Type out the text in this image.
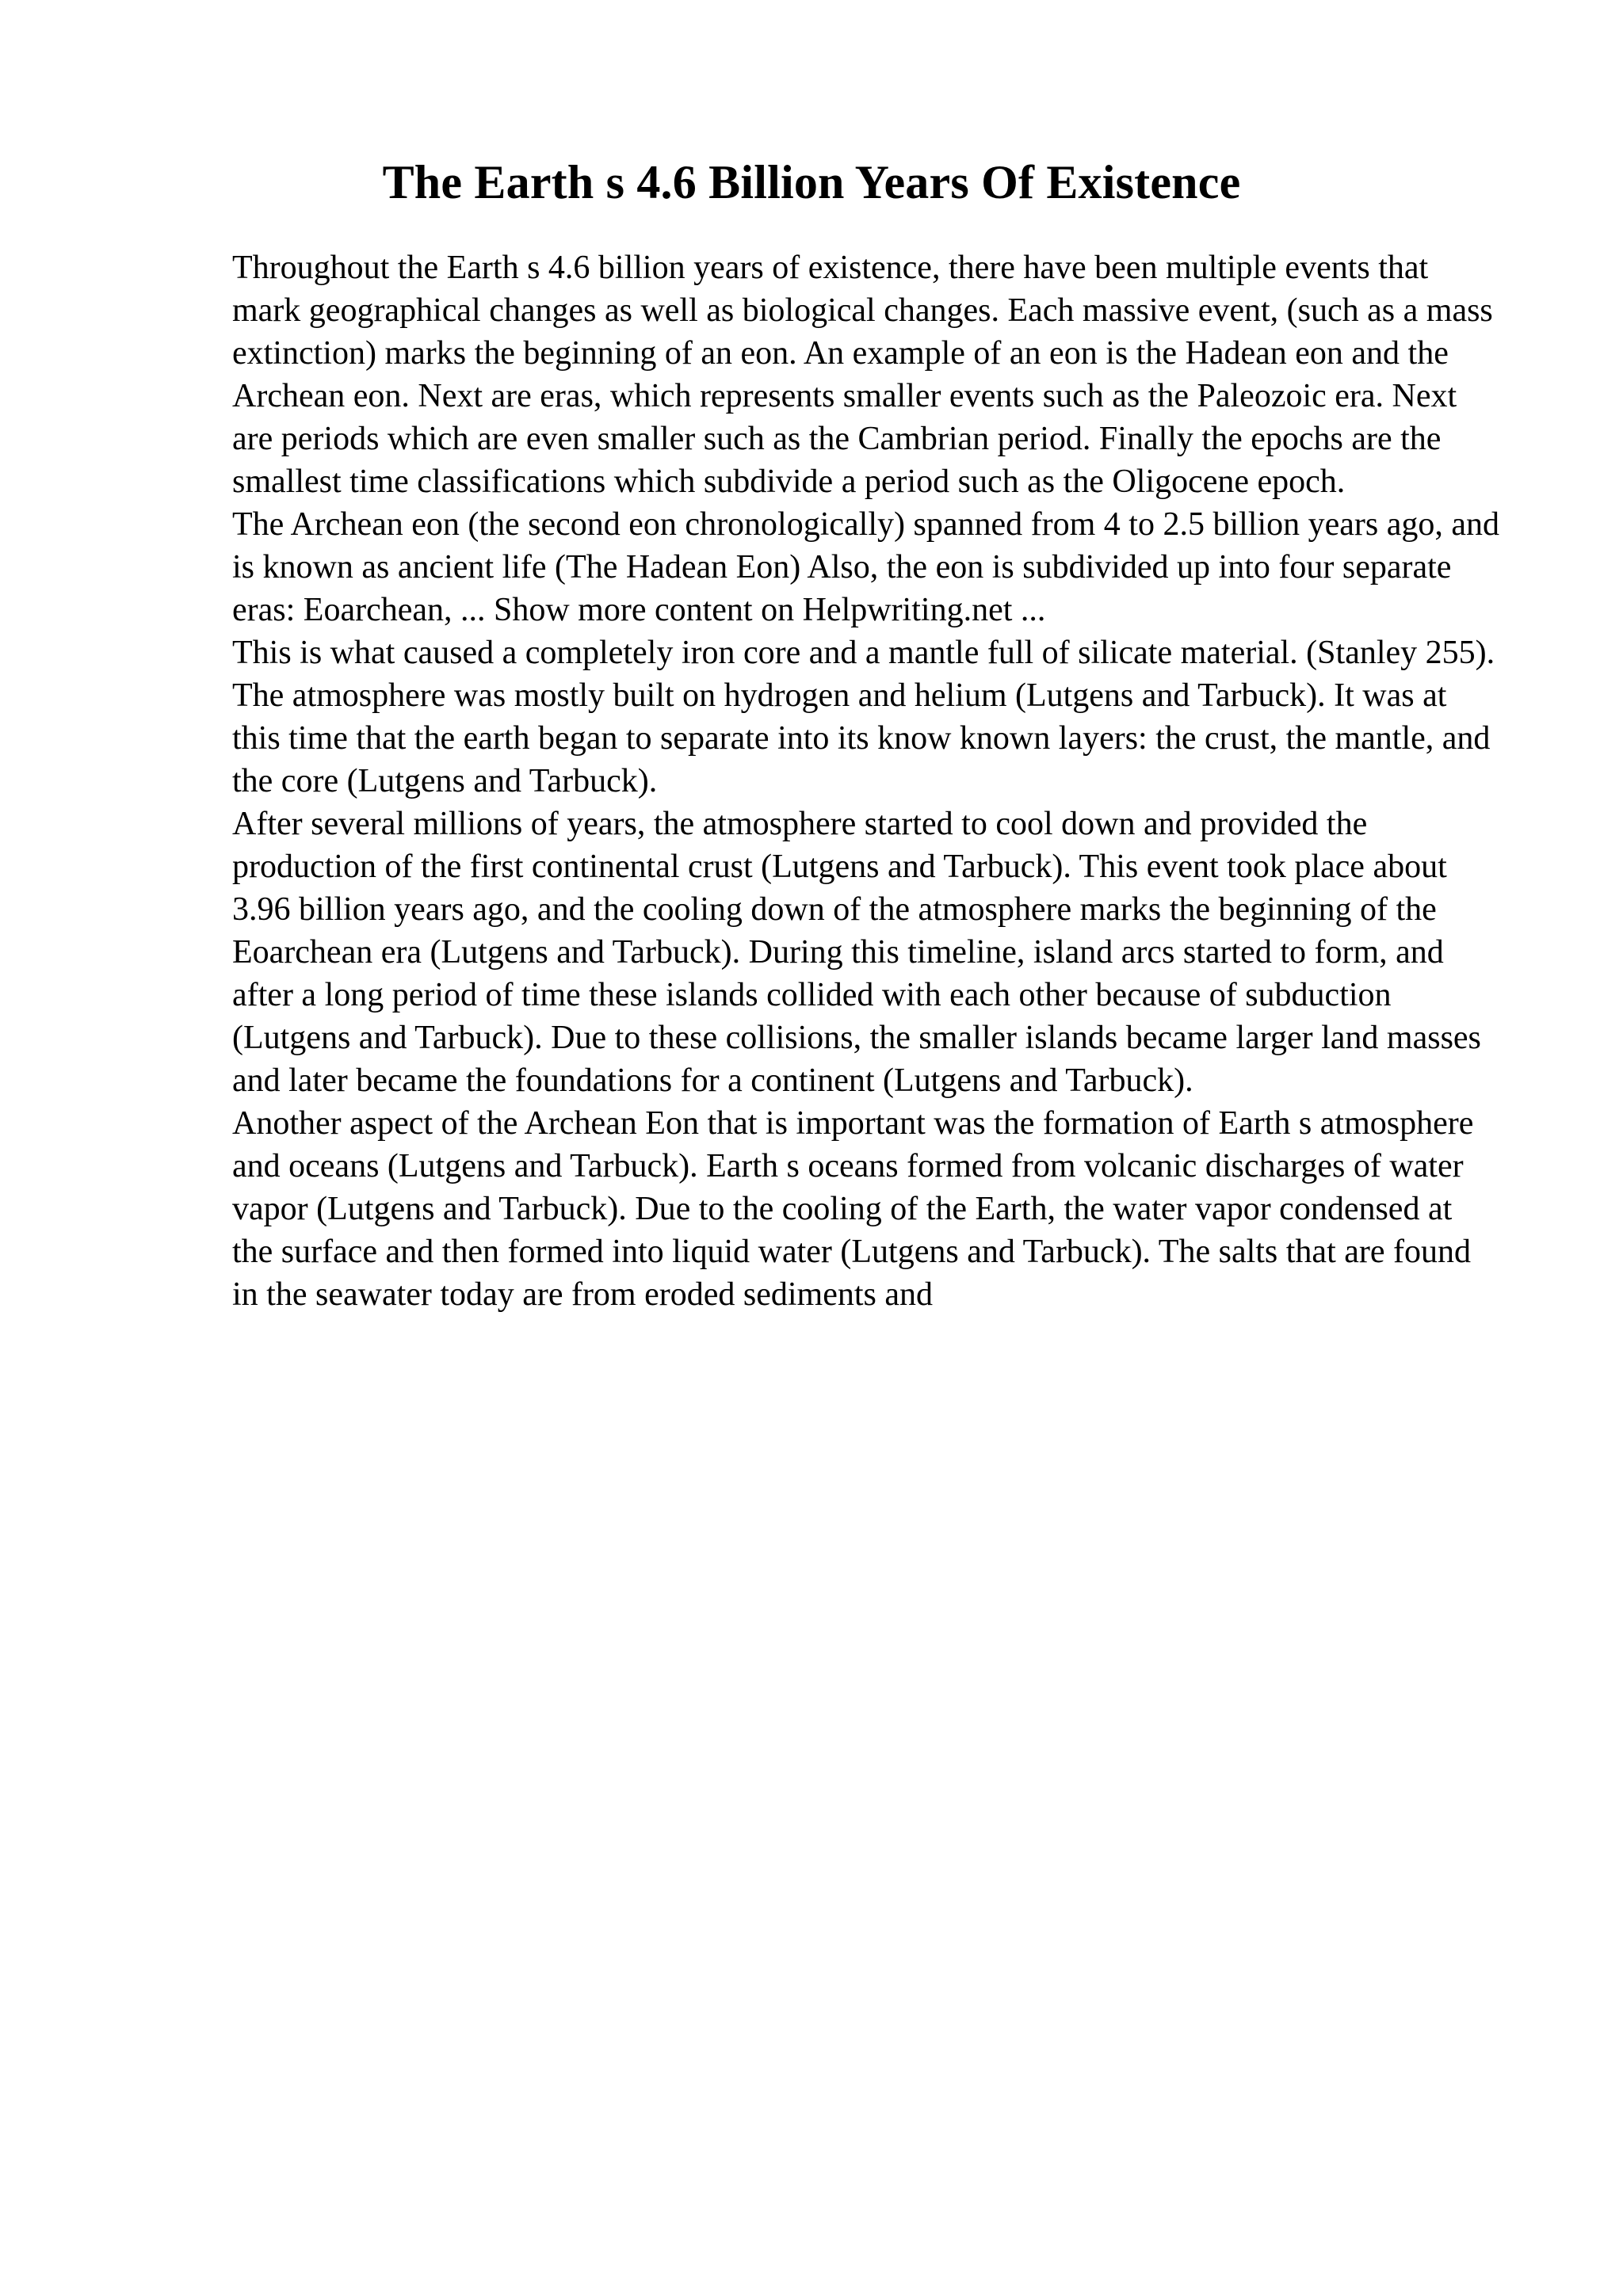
The Earth s 4.6 Billion Years Of Existence

Throughout the Earth s 4.6 billion years of existence, there have been multiple events that mark geographical changes as well as biological changes. Each massive event, (such as a mass extinction) marks the beginning of an eon. An example of an eon is the Hadean eon and the Archean eon. Next are eras, which represents smaller events such as the Paleozoic era. Next are periods which are even smaller such as the Cambrian period. Finally the epochs are the smallest time classifications which subdivide a period such as the Oligocene epoch.

The Archean eon (the second eon chronologically) spanned from 4 to 2.5 billion years ago, and is known as ancient life (The Hadean Eon) Also, the eon is subdivided up into four separate eras: Eoarchean, ... Show more content on Helpwriting.net ...

This is what caused a completely iron core and a mantle full of silicate material. (Stanley 255). The atmosphere was mostly built on hydrogen and helium (Lutgens and Tarbuck). It was at this time that the earth began to separate into its know known layers: the crust, the mantle, and the core (Lutgens and Tarbuck).

After several millions of years, the atmosphere started to cool down and provided the production of the first continental crust (Lutgens and Tarbuck). This event took place about 3.96 billion years ago, and the cooling down of the atmosphere marks the beginning of the Eoarchean era (Lutgens and Tarbuck). During this timeline, island arcs started to form, and after a long period of time these islands collided with each other because of subduction (Lutgens and Tarbuck). Due to these collisions, the smaller islands became larger land masses and later became the foundations for a continent (Lutgens and Tarbuck).

Another aspect of the Archean Eon that is important was the formation of Earth s atmosphere and oceans (Lutgens and Tarbuck). Earth s oceans formed from volcanic discharges of water vapor (Lutgens and Tarbuck). Due to the cooling of the Earth, the water vapor condensed at the surface and then formed into liquid water (Lutgens and Tarbuck). The salts that are found in the seawater today are from eroded sediments and
